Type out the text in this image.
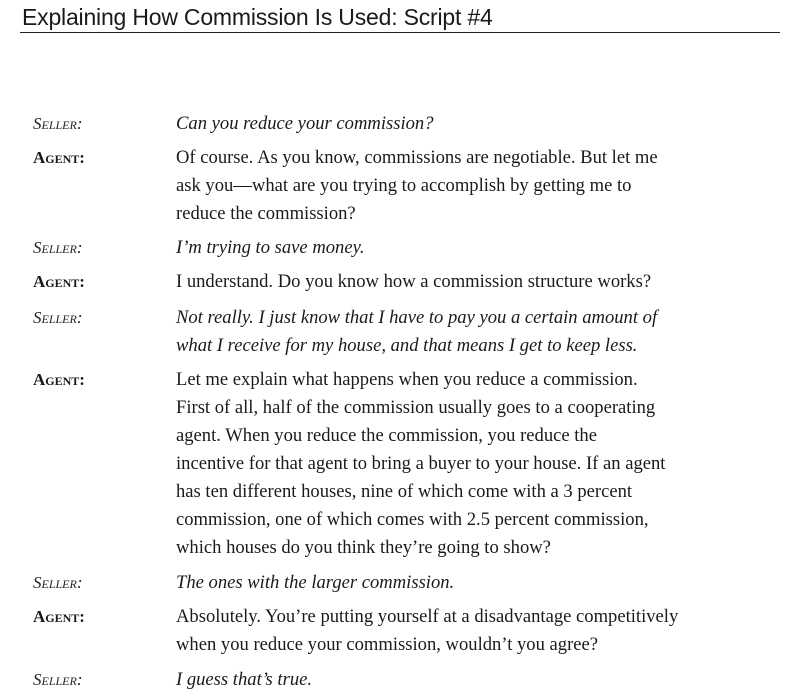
Explaining How Commission Is Used: Script #4
Seller:	Can you reduce your commission?
Agent:	Of course. As you know, commissions are negotiable. But let me
ask you—what are you trying to accomplish by getting me to
reduce the commission?
Seller:	I’m trying to save money.
Agent:	I understand. Do you know how a commission structure works?
Seller:	Not really. I just know that I have to pay you a certain amount of
what I receive for my house, and that means I get to keep less.
Agent:	Let me explain what happens when you reduce a commission.
First of all, half of the commission usually goes to a cooperating
agent. When you reduce the commission, you reduce the
incentive for that agent to bring a buyer to your house. If an agent
has ten different houses, nine of which come with a 3 percent
commission, one of which comes with 2.5 percent commission,
which houses do you think they’re going to show?
Seller:	The ones with the larger commission.
Agent:	Absolutely. You’re putting yourself at a disadvantage competitively
when you reduce your commission, wouldn’t you agree?
Seller:	I guess that’s true.
